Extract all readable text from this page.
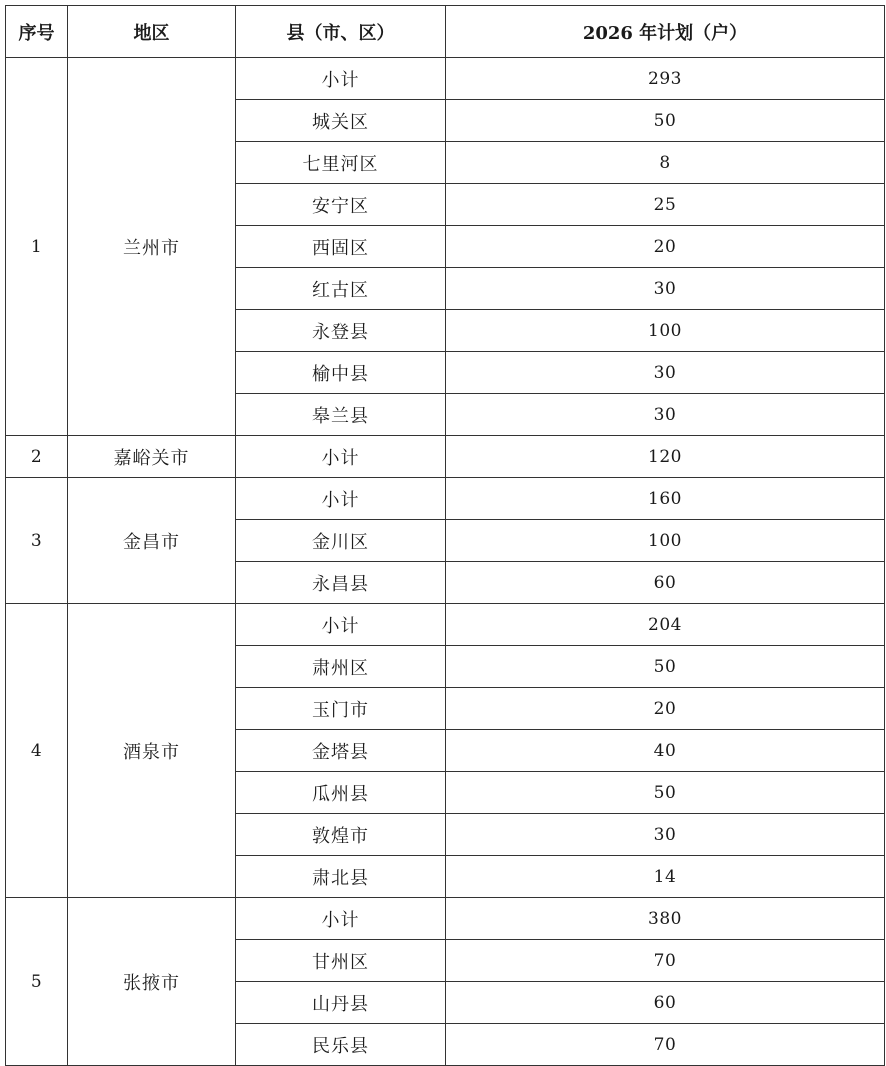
序号	地区	县（市、区）	2026 年计划（户）
1	兰州市	小计	293
		城关区	50
		七里河区	8
		安宁区	25
		西固区	20
		红古区	30
		永登县	100
		榆中县	30
		皋兰县	30
2	嘉峪关市	小计	120
3	金昌市	小计	160
		金川区	100
		永昌县	60
4	酒泉市	小计	204
		肃州区	50
		玉门市	20
		金塔县	40
		瓜州县	50
		敦煌市	30
		肃北县	14
5	张掖市	小计	380
		甘州区	70
		山丹县	60
		民乐县	70
